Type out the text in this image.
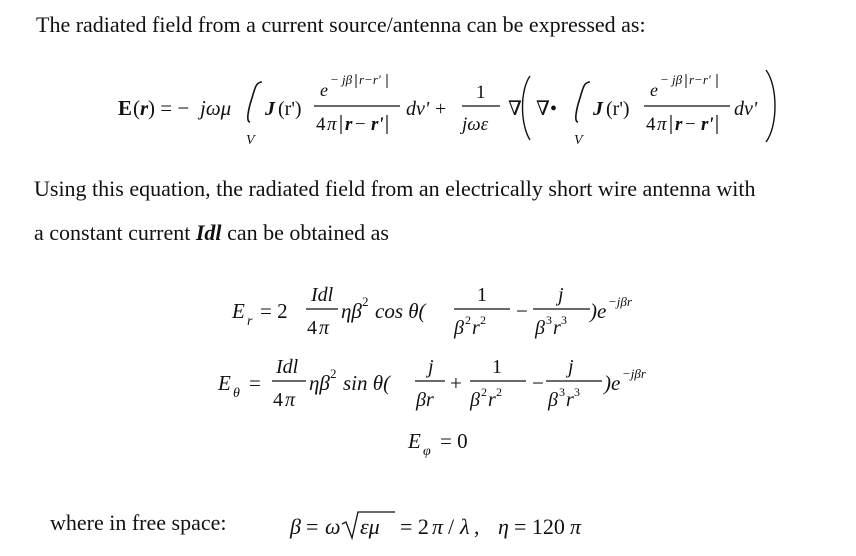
The radiated field from a current source/antenna can be expressed as:
E ( r ) = − jωμ
V
J (r')
e
− jβ r−r'
4 π r − r'
dv' +
1
jωε
∇ ∇•
V
J (r')
e
− jβ r−r'
4 π r − r'
dv'
Using this equation, the radiated field from an electrically short wire antenna with
a constant current Idl can be obtained as
E r = 2
Idl
4 π
ηβ 2 cos θ(
1
β 2 r 2 −
j
β 3 r 3 )e −jβr
E θ =
Idl
4 π
ηβ 2 sin θ(
j
βr
+
1
β 2 r 2 −
j
β 3 r 3 )e −jβr
E φ = 0
where in free space:	β = ω εμ = 2 π / λ , η = 120 π
